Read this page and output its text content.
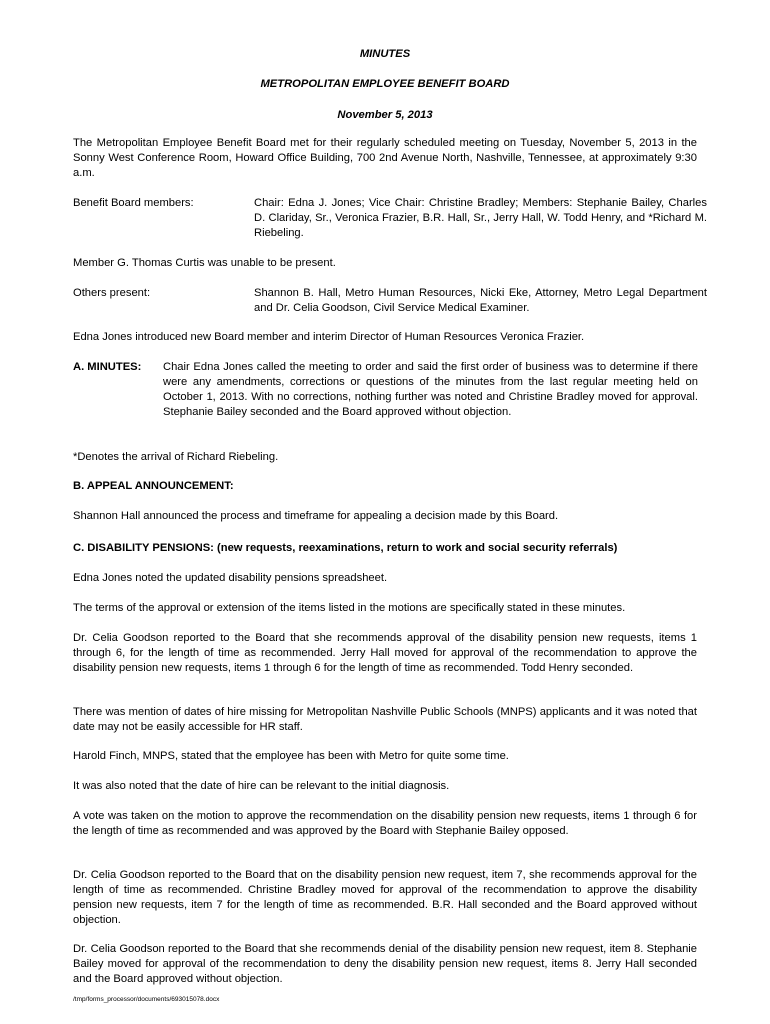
MINUTES
METROPOLITAN EMPLOYEE BENEFIT BOARD
November 5, 2013
The Metropolitan Employee Benefit Board met for their regularly scheduled meeting on Tuesday, November 5, 2013 in the Sonny West Conference Room, Howard Office Building, 700 2nd Avenue North, Nashville, Tennessee, at approximately 9:30 a.m.
Benefit Board members:	Chair: Edna J. Jones; Vice Chair: Christine Bradley; Members: Stephanie Bailey, Charles D. Clariday, Sr., Veronica Frazier, B.R. Hall, Sr., Jerry Hall, W. Todd Henry, and *Richard M. Riebeling.
Member G. Thomas Curtis was unable to be present.
Others present:	Shannon B. Hall, Metro Human Resources, Nicki Eke, Attorney, Metro Legal Department and Dr. Celia Goodson, Civil Service Medical Examiner.
Edna Jones introduced new Board member and interim Director of Human Resources Veronica Frazier.
A. MINUTES: Chair Edna Jones called the meeting to order and said the first order of business was to determine if there were any amendments, corrections or questions of the minutes from the last regular meeting held on October 1, 2013. With no corrections, nothing further was noted and Christine Bradley moved for approval. Stephanie Bailey seconded and the Board approved without objection.
*Denotes the arrival of Richard Riebeling.
B. APPEAL ANNOUNCEMENT:
Shannon Hall announced the process and timeframe for appealing a decision made by this Board.
C. DISABILITY PENSIONS: (new requests, reexaminations, return to work and social security referrals)
Edna Jones noted the updated disability pensions spreadsheet.
The terms of the approval or extension of the items listed in the motions are specifically stated in these minutes.
Dr. Celia Goodson reported to the Board that she recommends approval of the disability pension new requests, items 1 through 6, for the length of time as recommended. Jerry Hall moved for approval of the recommendation to approve the disability pension new requests, items 1 through 6 for the length of time as recommended. Todd Henry seconded.
There was mention of dates of hire missing for Metropolitan Nashville Public Schools (MNPS) applicants and it was noted that date may not be easily accessible for HR staff.
Harold Finch, MNPS, stated that the employee has been with Metro for quite some time.
It was also noted that the date of hire can be relevant to the initial diagnosis.
A vote was taken on the motion to approve the recommendation on the disability pension new requests, items 1 through 6 for the length of time as recommended and was approved by the Board with Stephanie Bailey opposed.
Dr. Celia Goodson reported to the Board that on the disability pension new request, item 7, she recommends approval for the length of time as recommended. Christine Bradley moved for approval of the recommendation to approve the disability pension new requests, item 7 for the length of time as recommended. B.R. Hall seconded and the Board approved without objection.
Dr. Celia Goodson reported to the Board that she recommends denial of the disability pension new request, item 8. Stephanie Bailey moved for approval of the recommendation to deny the disability pension new request, items 8. Jerry Hall seconded and the Board approved without objection.
/tmp/forms_processor/documents/693015078.docx
